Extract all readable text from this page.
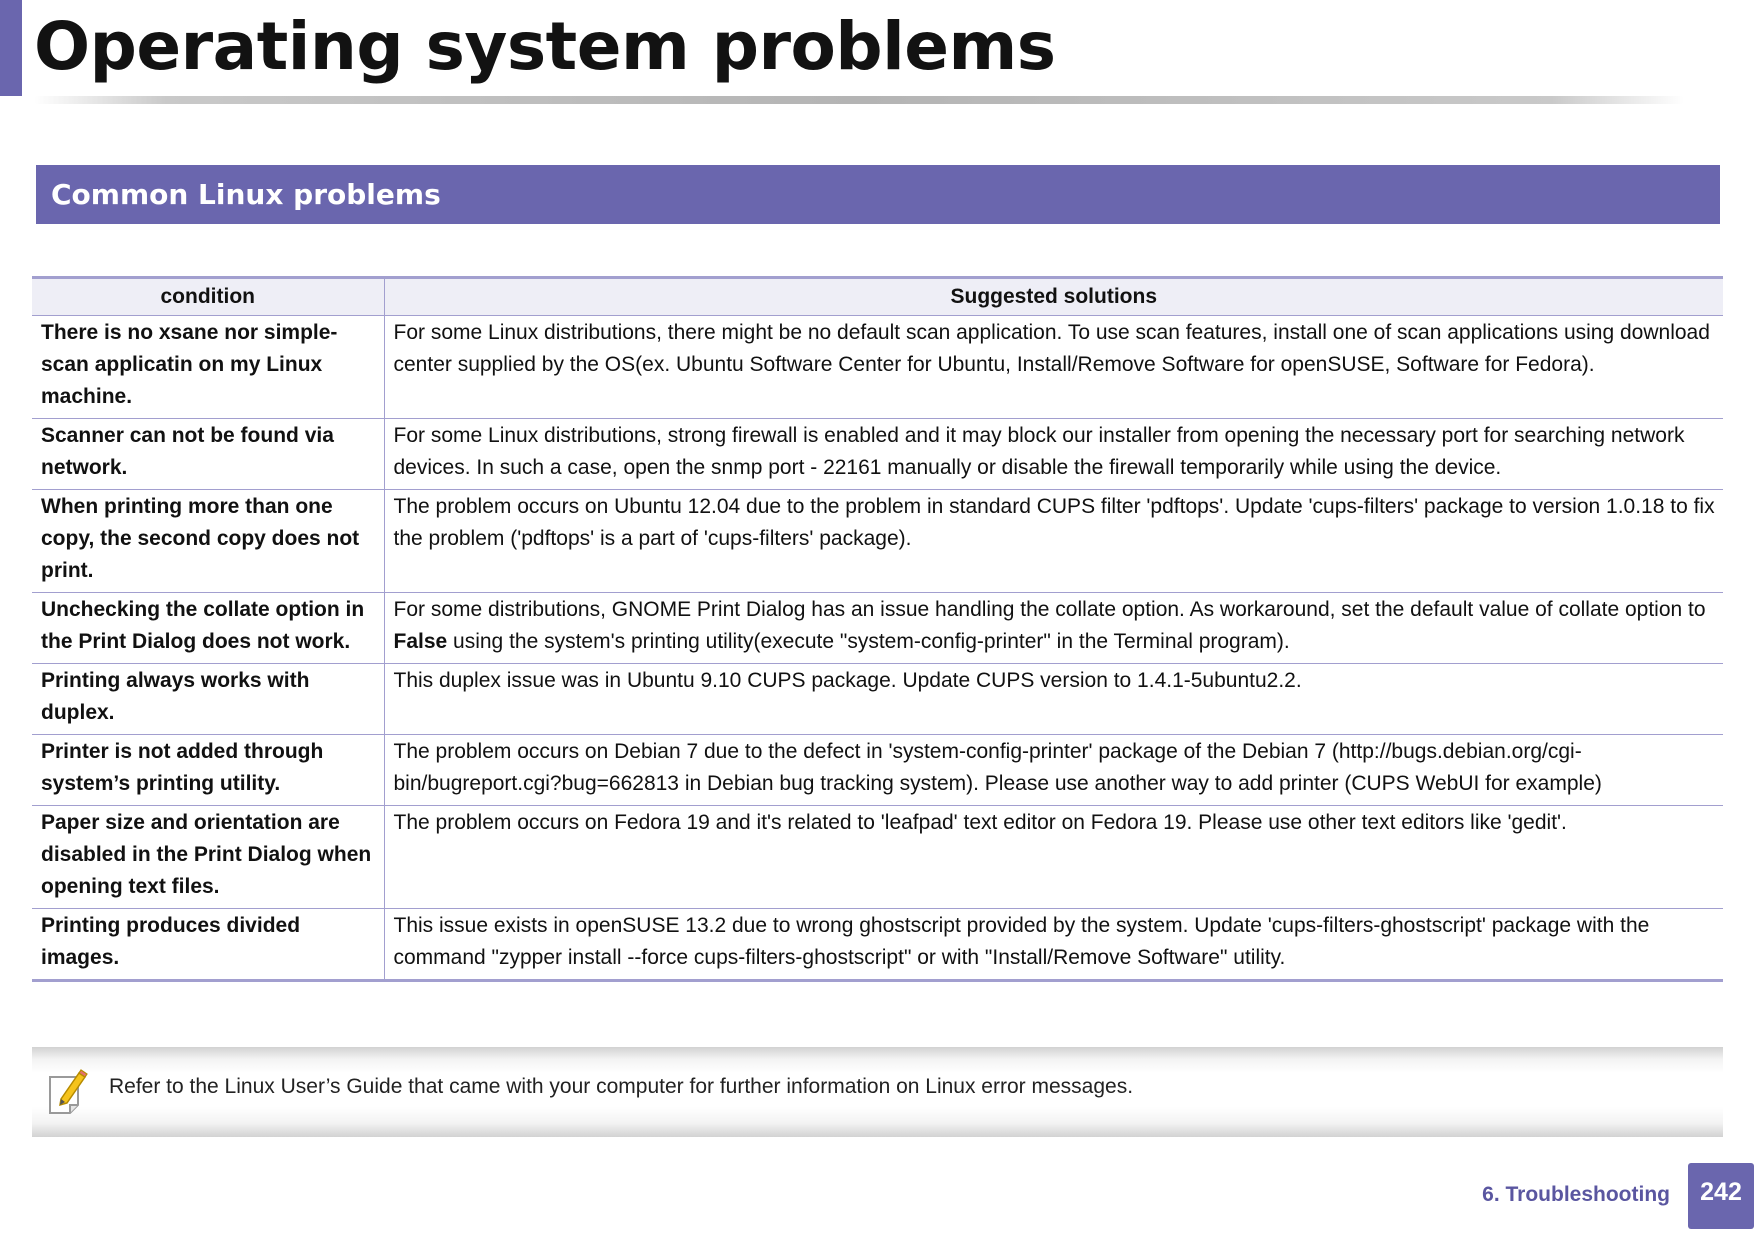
Operating system problems
Common Linux problems
condition	Suggested solutions
There is no xsane nor simple-scan applicatin on my Linux machine.	For some Linux distributions, there might be no default scan application. To use scan features, install one of scan applications using download center supplied by the OS(ex. Ubuntu Software Center for Ubuntu, Install/Remove Software for openSUSE, Software for Fedora).
Scanner can not be found via network.	For some Linux distributions, strong firewall is enabled and it may block our installer from opening the necessary port for searching network devices. In such a case, open the snmp port - 22161 manually or disable the firewall temporarily while using the device.
When printing more than one copy, the second copy does not print.	The problem occurs on Ubuntu 12.04 due to the problem in standard CUPS filter 'pdftops'. Update 'cups-filters' package to version 1.0.18 to fix the problem ('pdftops' is a part of 'cups-filters' package).
Unchecking the collate option in the Print Dialog does not work.	For some distributions, GNOME Print Dialog has an issue handling the collate option. As workaround, set the default value of collate option to False using the system's printing utility(execute "system-config-printer" in the Terminal program).
Printing always works with duplex.	This duplex issue was in Ubuntu 9.10 CUPS package. Update CUPS version to 1.4.1-5ubuntu2.2.
Printer is not added through system’s printing utility.	The problem occurs on Debian 7 due to the defect in 'system-config-printer' package of the Debian 7 (http://bugs.debian.org/cgi-bin/bugreport.cgi?bug=662813 in Debian bug tracking system). Please use another way to add printer (CUPS WebUI for example)
Paper size and orientation are disabled in the Print Dialog when opening text files.	The problem occurs on Fedora 19 and it's related to 'leafpad' text editor on Fedora 19. Please use other text editors like 'gedit'.
Printing produces divided images.	This issue exists in openSUSE 13.2 due to wrong ghostscript provided by the system. Update 'cups-filters-ghostscript' package with the command "zypper install --force cups-filters-ghostscript" or with "Install/Remove Software" utility.
Refer to the Linux User’s Guide that came with your computer for further information on Linux error messages.
6. Troubleshooting	242
